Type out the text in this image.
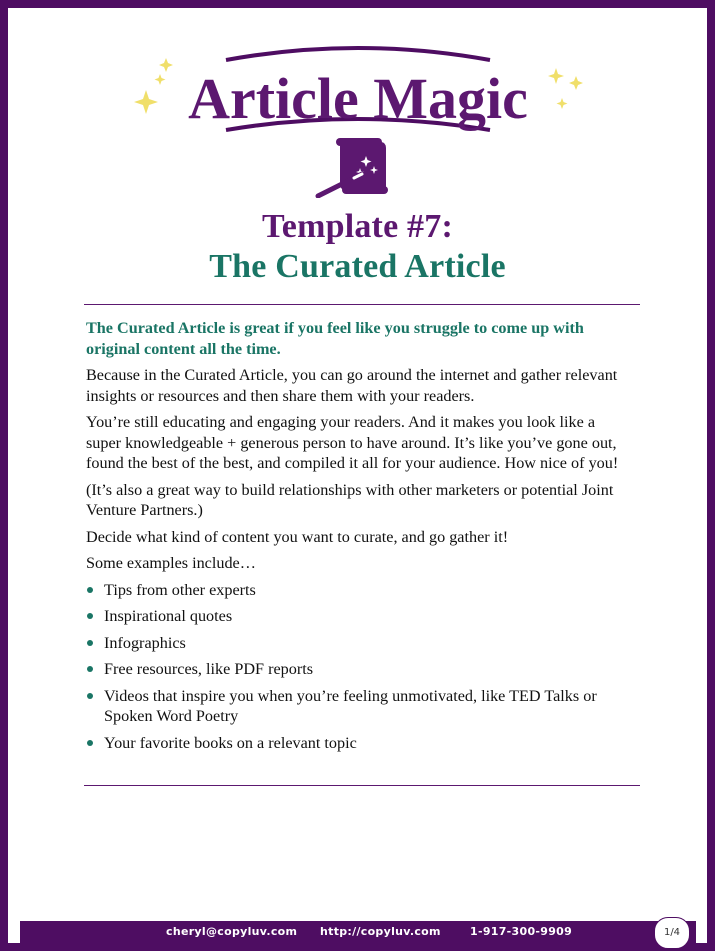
Article Magic
Template #7:
The Curated Article

The Curated Article is great if you feel like you struggle to come up with original content all the time.

Because in the Curated Article, you can go around the internet and gather relevant insights or resources and then share them with your readers.

You’re still educating and engaging your readers. And it makes you look like a super knowledgeable + generous person to have around. It’s like you’ve gone out, found the best of the best, and compiled it all for your audience. How nice of you!

(It’s also a great way to build relationships with other marketers or potential Joint Venture Partners.)

Decide what kind of content you want to curate, and go gather it!

Some examples include…

Tips from other experts
Inspirational quotes
Infographics
Free resources, like PDF reports
Videos that inspire you when you’re feeling unmotivated, like TED Talks or Spoken Word Poetry
Your favorite books on a relevant topic
cheryl@copyluv.com http://copyluv.com	1-917-300-9909	1/4
